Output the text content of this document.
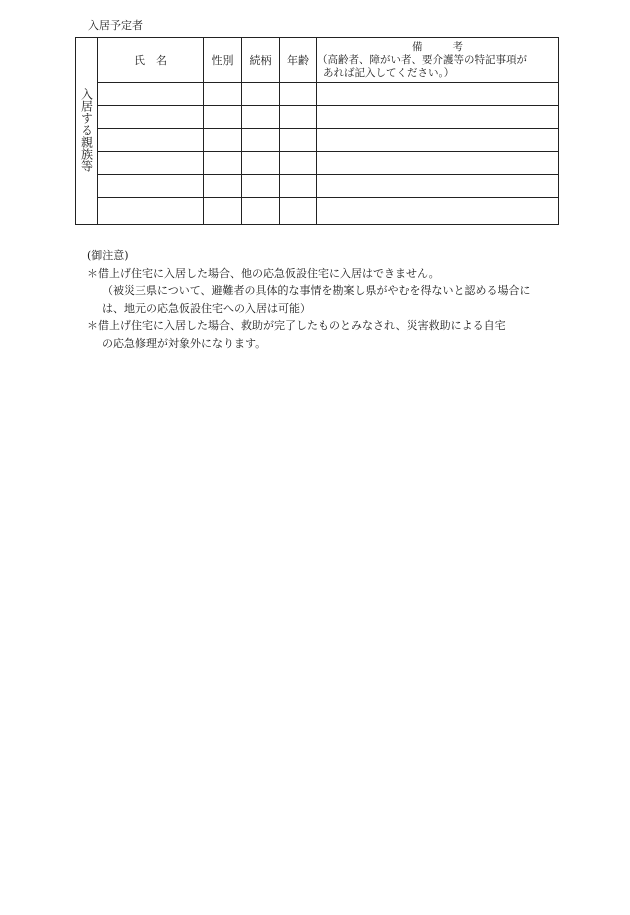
入居予定者
入居する親族等	氏　名	性別	続柄	年齢	備考
（高齢者、障がい者、要介護等の特記事項が
あれば記入してください。）

(御注意)

＊借上げ住宅に入居した場合、他の応急仮設住宅に入居はできません。

（被災三県について、避難者の具体的な事情を勘案し県がやむを得ないと認める場合に

は、地元の応急仮設住宅への入居は可能）

＊借上げ住宅に入居した場合、救助が完了したものとみなされ、災害救助による自宅

の応急修理が対象外になります。
